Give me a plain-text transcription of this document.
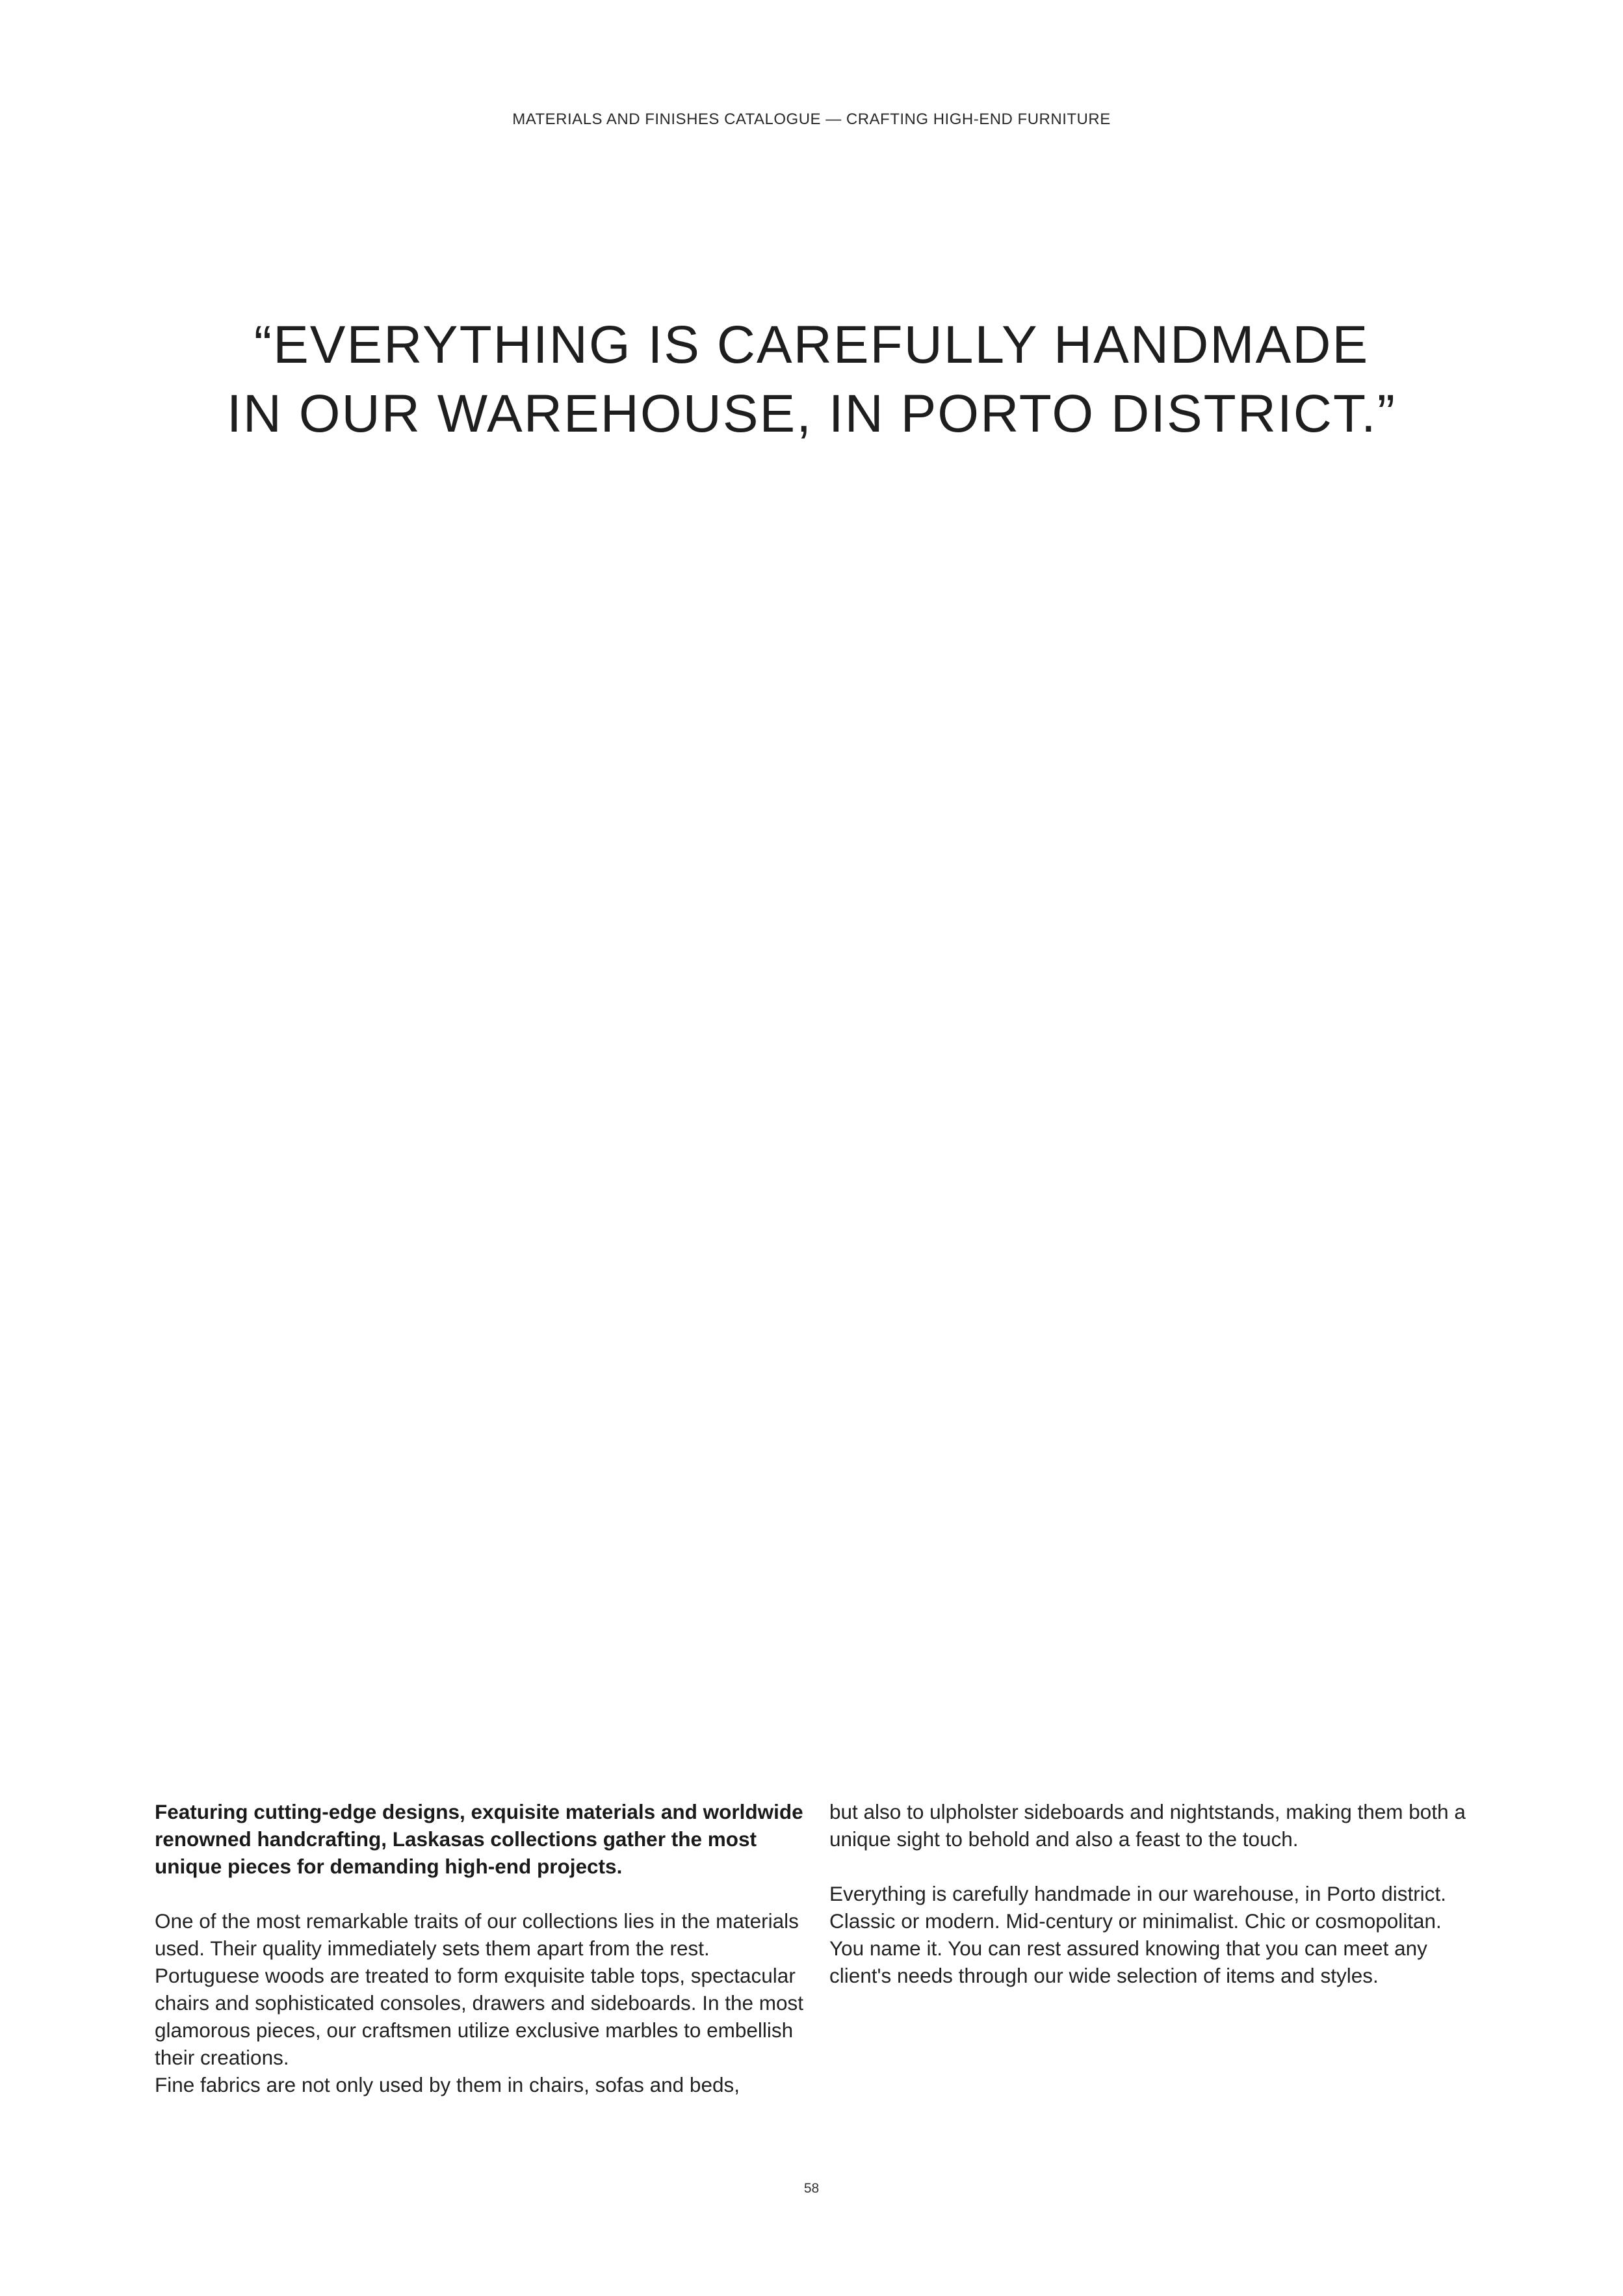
MATERIALS AND FINISHES CATALOGUE — CRAFTING HIGH-END FURNITURE
“EVERYTHING IS CAREFULLY HANDMADE
IN OUR WAREHOUSE, IN PORTO DISTRICT.”

Featuring cutting-edge designs, exquisite materials and worldwide renowned handcrafting, Laskasas collections gather the most unique pieces for demanding high-end projects.

One of the most remarkable traits of our collections lies in the materials used. Their quality immediately sets them apart from the rest. Portuguese woods are treated to form exquisite table tops, spectacular chairs and sophisticated consoles, drawers and sideboards. In the most glamorous pieces, our craftsmen utilize exclusive marbles to embellish their creations.

Fine fabrics are not only used by them in chairs, sofas and beds,

but also to ulpholster sideboards and nightstands, making them both a unique sight to behold and also a feast to the touch.

Everything is carefully handmade in our warehouse, in Porto district. Classic or modern. Mid-century or minimalist. Chic or cosmopolitan.

You name it. You can rest assured knowing that you can meet any client's needs through our wide selection of items and styles.

58
